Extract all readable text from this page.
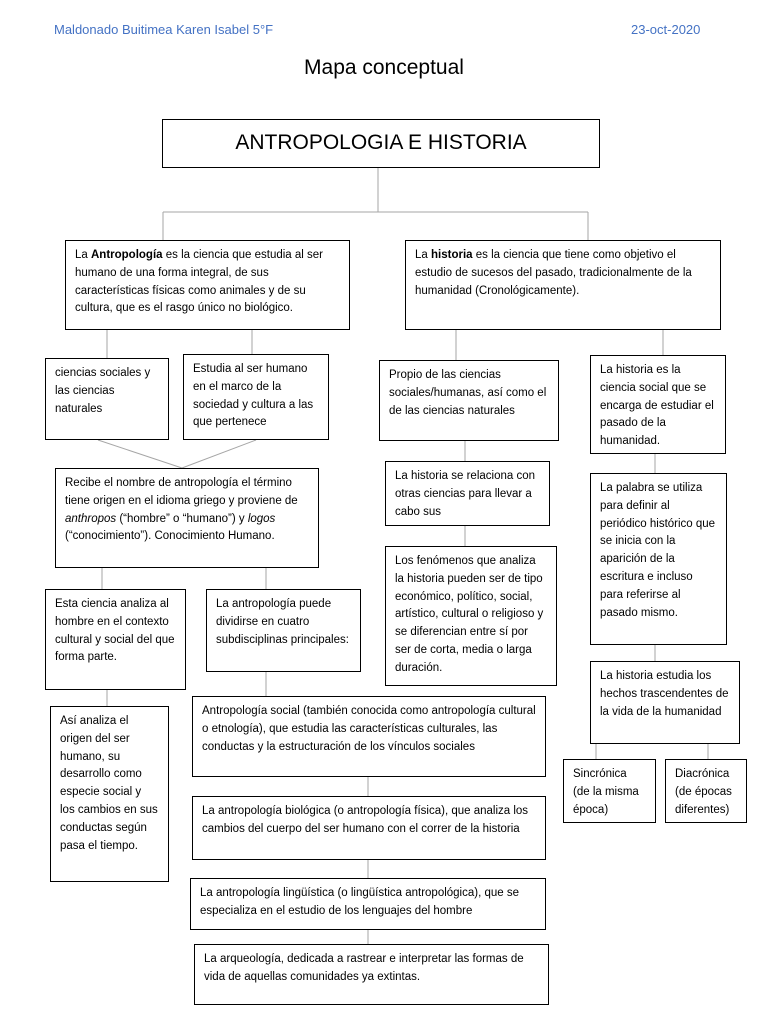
Maldonado Buitimea Karen Isabel 5°F	23-oct-2020
Mapa conceptual
ANTROPOLOGIA E HISTORIA
La Antropología es la ciencia que estudia al ser humano de una forma integral, de sus características físicas como animales y de su cultura, que es el rasgo único no biológico.
La historia es la ciencia que tiene como objetivo el estudio de sucesos del pasado, tradicionalmente de la humanidad (Cronológicamente).
ciencias sociales y las ciencias naturales
Estudia al ser humano en el marco de la sociedad y cultura a las que pertenece
Recibe el nombre de antropología el término tiene origen en el idioma griego y proviene de anthropos (“hombre” o “humano”) y logos (“conocimiento”). Conocimiento Humano.
Esta ciencia analiza al hombre en el contexto cultural y social del que forma parte.
La antropología puede dividirse en cuatro subdisciplinas principales:
Así analiza el origen del ser humano, su desarrollo como especie social y los cambios en sus conductas según pasa el tiempo.
Antropología social (también conocida como antropología cultural o etnología), que estudia las características culturales, las conductas y la estructuración de los vínculos sociales
La antropología biológica (o antropología física), que analiza los cambios del cuerpo del ser humano con el correr de la historia
La antropología lingüística (o lingüística antropológica), que se especializa en el estudio de los lenguajes del hombre
La arqueología, dedicada a rastrear e interpretar las formas de vida de aquellas comunidades ya extintas.
Propio de las ciencias sociales/humanas, así como el de las ciencias naturales
La historia se relaciona con otras ciencias para llevar a cabo sus
Los fenómenos que analiza la historia pueden ser de tipo económico, político, social, artístico, cultural o religioso y se diferencian entre sí por ser de corta, media o larga duración.
La historia es la ciencia social que se encarga de estudiar el pasado de la humanidad.
La palabra se utiliza para definir al periódico histórico que se inicia con la aparición de la escritura e incluso para referirse al pasado mismo.
La historia estudia los hechos trascendentes de la vida de la humanidad
Sincrónica (de la misma época)
Diacrónica (de épocas diferentes)
